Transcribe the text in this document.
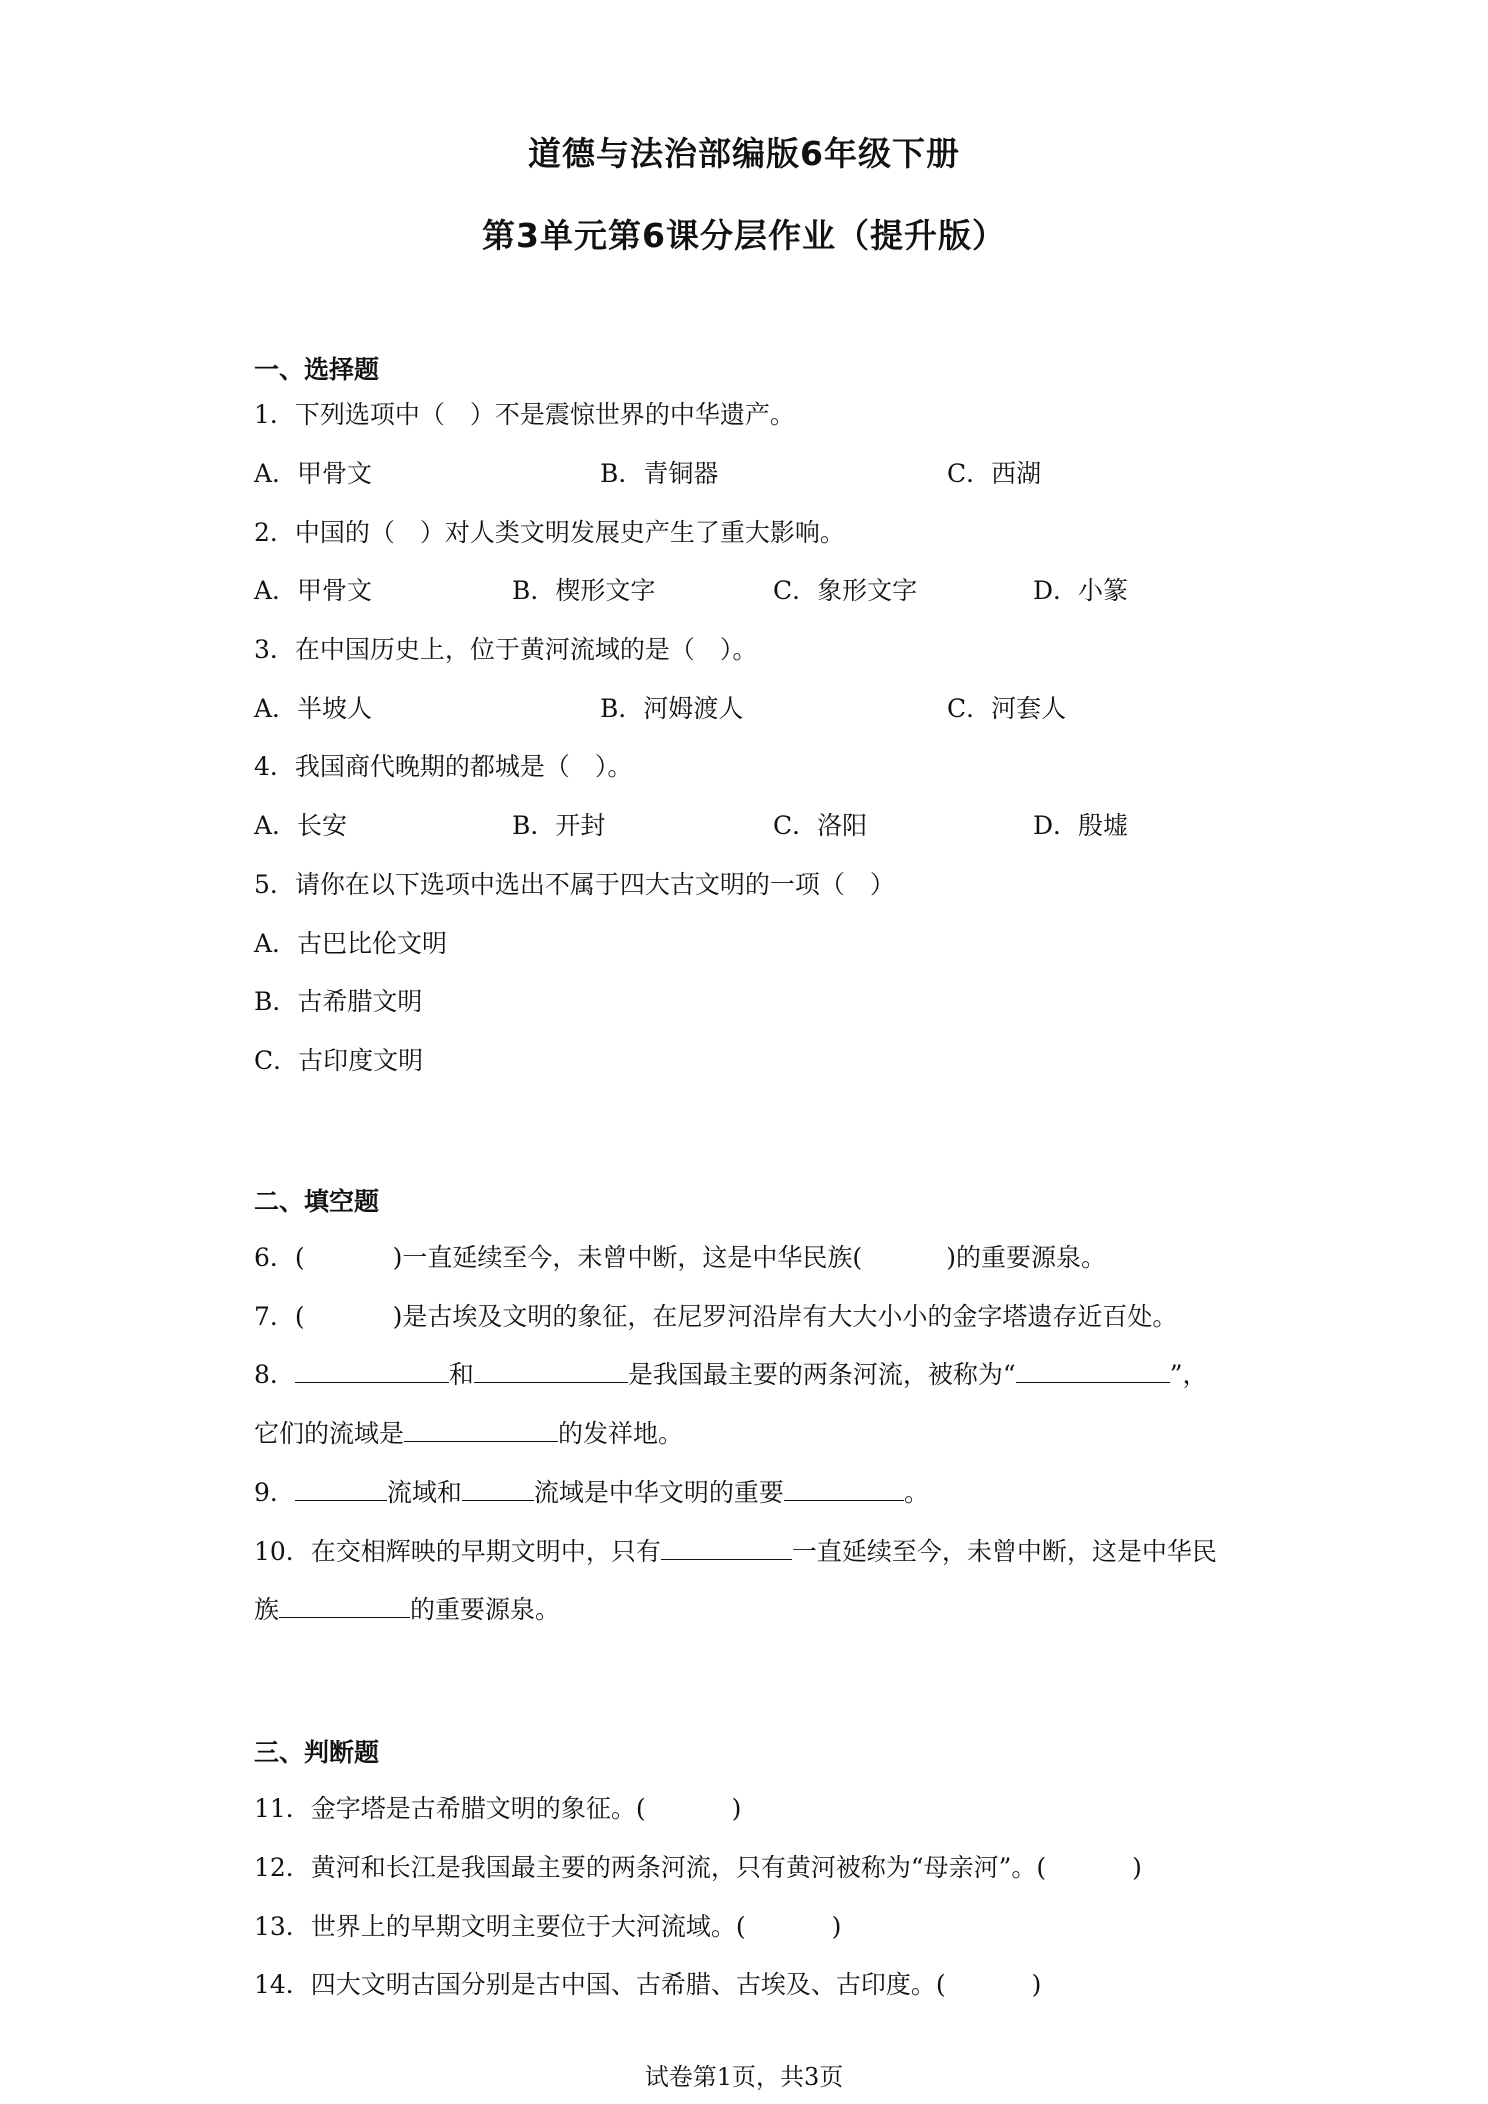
道德与法治部编版6年级下册
第3单元第6课分层作业（提升版）
一、选择题
1．下列选项中（　）不是震惊世界的中华遗产。
A．甲骨文	B．青铜器	C．西湖
2．中国的（　）对人类文明发展史产生了重大影响。
A．甲骨文	B．楔形文字	C．象形文字	D．小篆
3．在中国历史上，位于黄河流域的是（　）。
A．半坡人	B．河姆渡人	C．河套人
4．我国商代晚期的都城是（　）。
A．长安	B．开封	C．洛阳	D．殷墟
5．请你在以下选项中选出不属于四大古文明的一项（　）
A．古巴比伦文明
B．古希腊文明
C．古印度文明
二、填空题
6．(	)一直延续至今，未曾中断，这是中华民族(	)的重要源泉。
7．(	)是古埃及文明的象征，在尼罗河沿岸有大大小小的金字塔遗存近百处。
8．	和	是我国最主要的两条河流，被称为“	”，
它们的流域是	的发祥地。
9．	流域和	流域是中华文明的重要	。
10．在交相辉映的早期文明中，只有	一直延续至今，未曾中断，这是中华民
族	的重要源泉。
三、判断题
11．金字塔是古希腊文明的象征。(	)
12．黄河和长江是我国最主要的两条河流，只有黄河被称为“母亲河”。(	)
13．世界上的早期文明主要位于大河流域。(	)
14．四大文明古国分别是古中国、古希腊、古埃及、古印度。(	)
试卷第1页，共3页
